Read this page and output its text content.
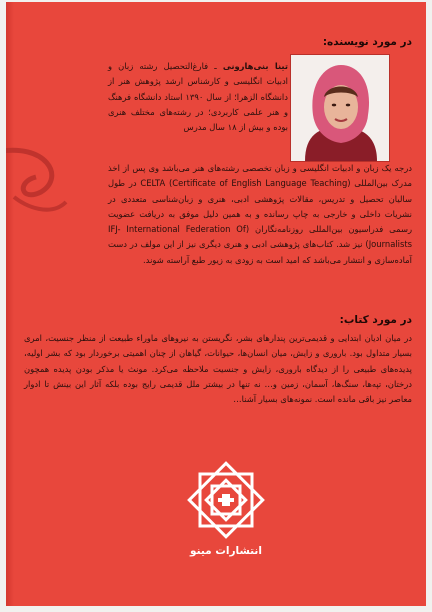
در مورد نویسنده:
تینا بنی‌هارونی ـ فارغ‌التحصیل رشته زبان و ادبیات انگلیسی و کارشناس ارشد پژوهش هنر از دانشگاه الزهرا؛ از سال ۱۳۹۰ استاد دانشگاه فرهنگ و هنر علمی کاربردی؛ در رشته‌های مختلف هنری بوده و بیش از ۱۸ سال مدرس
درجه یک زبان و ادبیات انگلیسی و زبان تخصصی رشته‌های هنر می‌باشد وی پس از اخذ مدرک بین‌المللی CELTA (Certificate of English Language Teaching) در طول سالیان تحصیل و تدریس، مقالات پژوهشی ادبی، هنری و زبان‌شناسی متعددی در نشریات داخلی و خارجی به چاپ رسانده و به همین دلیل موفق به دریافت عضویت رسمی فدراسیون بین‌المللی روزنامه‌نگاران (IFJ- International Federation Of Journalists) نیز شد. کتاب‌های پژوهشی ادبی و هنری دیگری نیز از این مولف در دست آماده‌سازی و انتشار می‌باشد که امید است به زودی به زیور طبع آراسته شوند.
در مورد کتاب:
در میان ادیان ابتدایی و قدیمی‌ترین پندارهای بشر، نگریستن به نیروهای ماوراء طبیعت از منظر جنسیت، امری بسیار متداول بود. باروری و زایش، میان انسان‌ها، حیوانات، گیاهان از چنان اهمیتی برخوردار بود که بشر اولیه، پدیده‌های طبیعی را از دیدگاه باروری، زایش و جنسیت ملاحظه می‌کرد. مونث یا مذکر بودن پدیده همچون درختان، تپه‌ها، سنگ‌ها، آسمان، زمین و… نه تنها در بیشتر ملل قدیمی رایج بوده بلکه آثار این بینش تا ادوار معاصر نیز باقی مانده است. نمونه‌های بسیار آشنا…
انتشارات مینو
